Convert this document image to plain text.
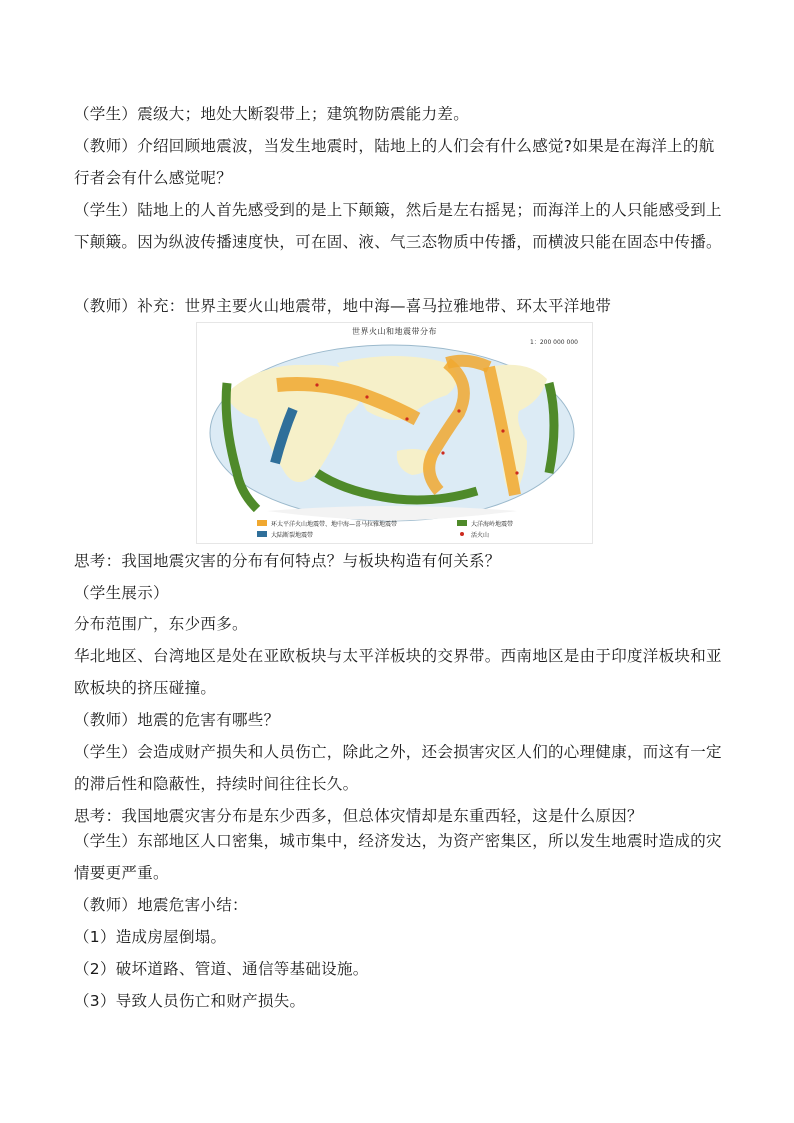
（学生）震级大；地处大断裂带上；建筑物防震能力差。

（教师）介绍回顾地震波，当发生地震时，陆地上的人们会有什么感觉?如果是在海洋上的航行者会有什么感觉呢？

（学生）陆地上的人首先感受到的是上下颠簸，然后是左右摇晃；而海洋上的人只能感受到上下颠簸。因为纵波传播速度快，可在固、液、气三态物质中传播，而横波只能在固态中传播。

（教师）补充：世界主要火山地震带，地中海—喜马拉雅地带、环太平洋地带

世界火山和地震带分布
1：200 000 000
环太平洋火山地震带、地中海—喜马拉雅地震带
大陆断裂地震带
大洋海岭地震带
活火山

思考：我国地震灾害的分布有何特点？与板块构造有何关系？

（学生展示）

分布范围广，东少西多。

华北地区、台湾地区是处在亚欧板块与太平洋板块的交界带。西南地区是由于印度洋板块和亚欧板块的挤压碰撞。

（教师）地震的危害有哪些？

（学生）会造成财产损失和人员伤亡，除此之外，还会损害灾区人们的心理健康，而这有一定的滞后性和隐蔽性，持续时间往往长久。

思考：我国地震灾害分布是东少西多，但总体灾情却是东重西轻，这是什么原因？

（学生）东部地区人口密集，城市集中，经济发达，为资产密集区，所以发生地震时造成的灾情要更严重。

（教师）地震危害小结：

（1）造成房屋倒塌。

（2）破坏道路、管道、通信等基础设施。

（3）导致人员伤亡和财产损失。
